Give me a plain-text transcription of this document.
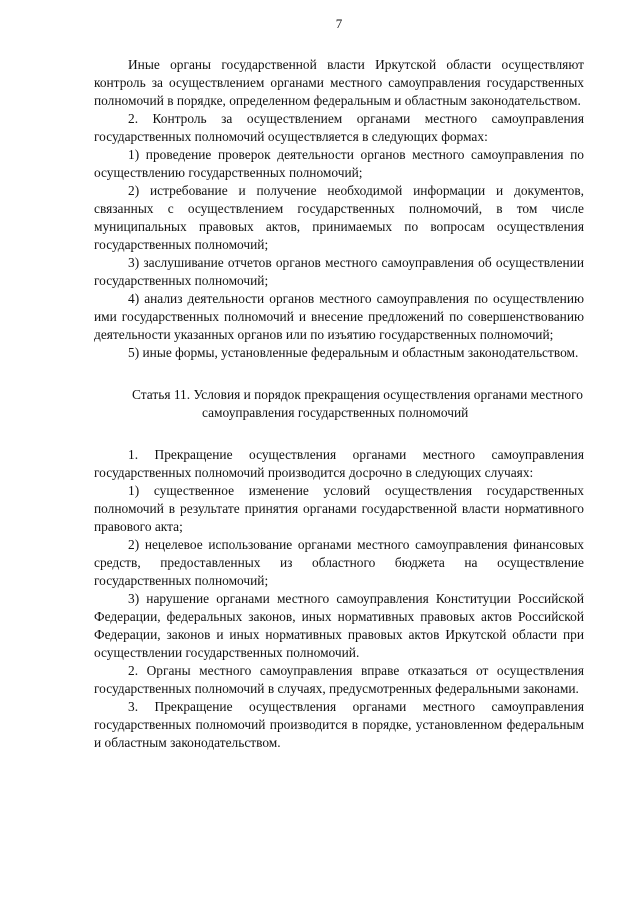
7

Иные органы государственной власти Иркутской области осуществляют контроль за осуществлением органами местного самоуправления государственных полномочий в порядке, определенном федеральным и областным законодательством.

2. Контроль за осуществлением органами местного самоуправления государственных полномочий осуществляется в следующих формах:

1) проведение проверок деятельности органов местного самоуправления по осуществлению государственных полномочий;

2) истребование и получение необходимой информации и документов, связанных с осуществлением государственных полномочий, в том числе муниципальных правовых актов, принимаемых по вопросам осуществления государственных полномочий;

3) заслушивание отчетов органов местного самоуправления об осуществлении государственных полномочий;

4) анализ деятельности органов местного самоуправления по осуществлению ими государственных полномочий и внесение предложений по совершенствованию деятельности указанных органов или по изъятию государственных полномочий;

5) иные формы, установленные федеральным и областным законодательством.

Статья 11. Условия и порядок прекращения осуществления органами местного самоуправления государственных полномочий

1. Прекращение осуществления органами местного самоуправления государственных полномочий производится досрочно в следующих случаях:

1) существенное изменение условий осуществления государственных полномочий в результате принятия органами государственной власти нормативного правового акта;

2) нецелевое использование органами местного самоуправления финансовых средств, предоставленных из областного бюджета на осуществление государственных полномочий;

3) нарушение органами местного самоуправления Конституции Российской Федерации, федеральных законов, иных нормативных правовых актов Российской Федерации, законов и иных нормативных правовых актов Иркутской области при осуществлении государственных полномочий.

2. Органы местного самоуправления вправе отказаться от осуществления государственных полномочий в случаях, предусмотренных федеральными законами.

3. Прекращение осуществления органами местного самоуправления государственных полномочий производится в порядке, установленном федеральным и областным законодательством.
